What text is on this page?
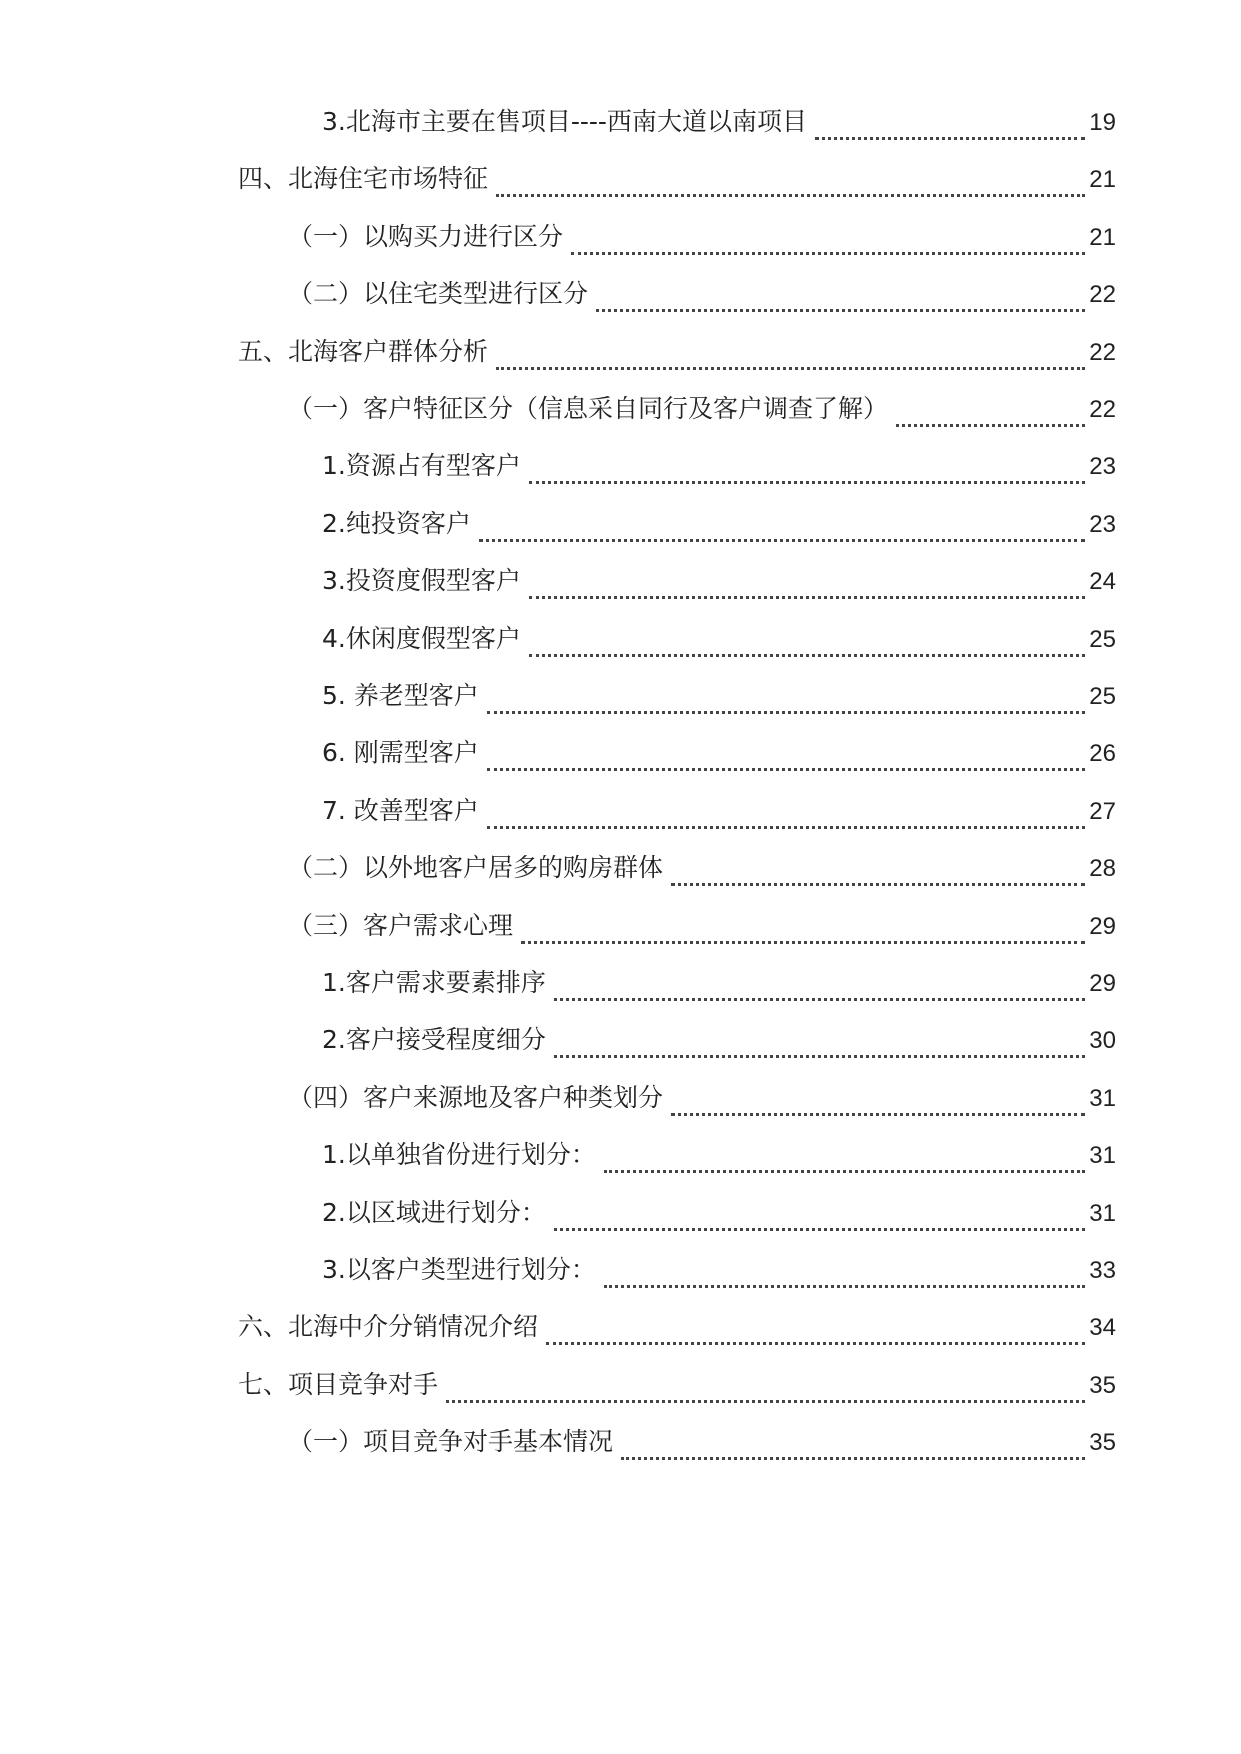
3.北海市主要在售项目----西南大道以南项目	19
四、北海住宅市场特征	21
（一）以购买力进行区分	21
（二）以住宅类型进行区分	22
五、北海客户群体分析	22
（一）客户特征区分（信息采自同行及客户调查了解）	22
1.资源占有型客户	23
2.纯投资客户	23
3.投资度假型客户	24
4.休闲度假型客户	25
5. 养老型客户	25
6. 刚需型客户	26
7. 改善型客户	27
（二）以外地客户居多的购房群体	28
（三）客户需求心理	29
1.客户需求要素排序	29
2.客户接受程度细分	30
（四）客户来源地及客户种类划分	31
1.以单独省份进行划分：	31
2.以区域进行划分：	31
3.以客户类型进行划分：	33
六、北海中介分销情况介绍	34
七、项目竞争对手	35
（一）项目竞争对手基本情况	35
